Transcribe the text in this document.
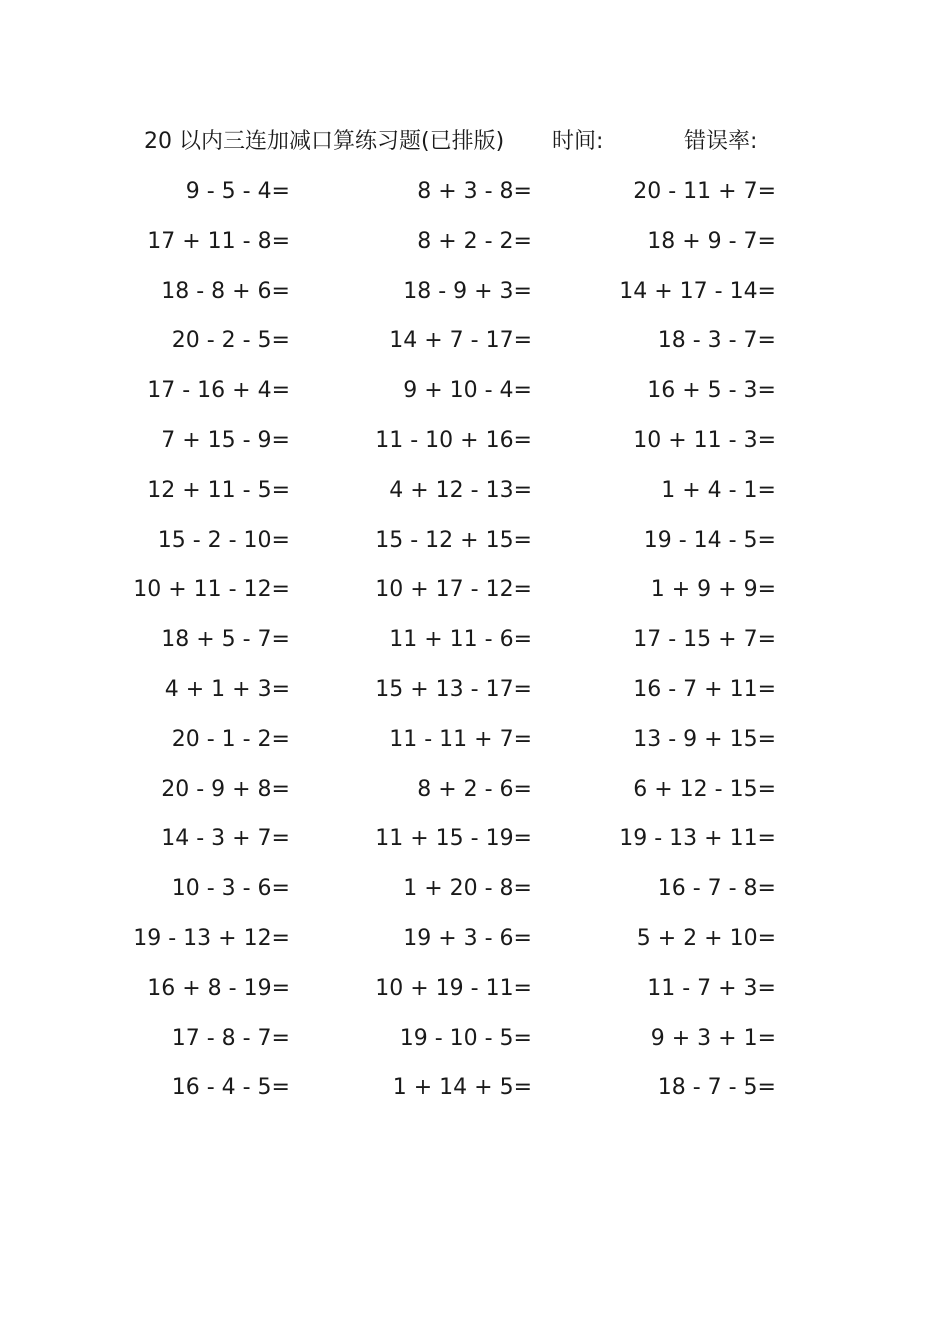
20 以内三连加减口算练习题(已排版) 时间:	错误率:
9 - 5 - 4=	8 + 3 - 8=	20 - 11 + 7=
17 + 11 - 8=	8 + 2 - 2=	18 + 9 - 7=
18 - 8 + 6=	18 - 9 + 3=	14 + 17 - 14=
20 - 2 - 5=	14 + 7 - 17=	18 - 3 - 7=
17 - 16 + 4=	9 + 10 - 4=	16 + 5 - 3=
7 + 15 - 9=	11 - 10 + 16=	10 + 11 - 3=
12 + 11 - 5=	4 + 12 - 13=	1 + 4 - 1=
15 - 2 - 10=	15 - 12 + 15=	19 - 14 - 5=
10 + 11 - 12=	10 + 17 - 12=	1 + 9 + 9=
18 + 5 - 7=	11 + 11 - 6=	17 - 15 + 7=
4 + 1 + 3=	15 + 13 - 17=	16 - 7 + 11=
20 - 1 - 2=	11 - 11 + 7=	13 - 9 + 15=
20 - 9 + 8=	8 + 2 - 6=	6 + 12 - 15=
14 - 3 + 7=	11 + 15 - 19=	19 - 13 + 11=
10 - 3 - 6=	1 + 20 - 8=	16 - 7 - 8=
19 - 13 + 12=	19 + 3 - 6=	5 + 2 + 10=
16 + 8 - 19=	10 + 19 - 11=	11 - 7 + 3=
17 - 8 - 7=	19 - 10 - 5=	9 + 3 + 1=
16 - 4 - 5=	1 + 14 + 5=	18 - 7 - 5=
